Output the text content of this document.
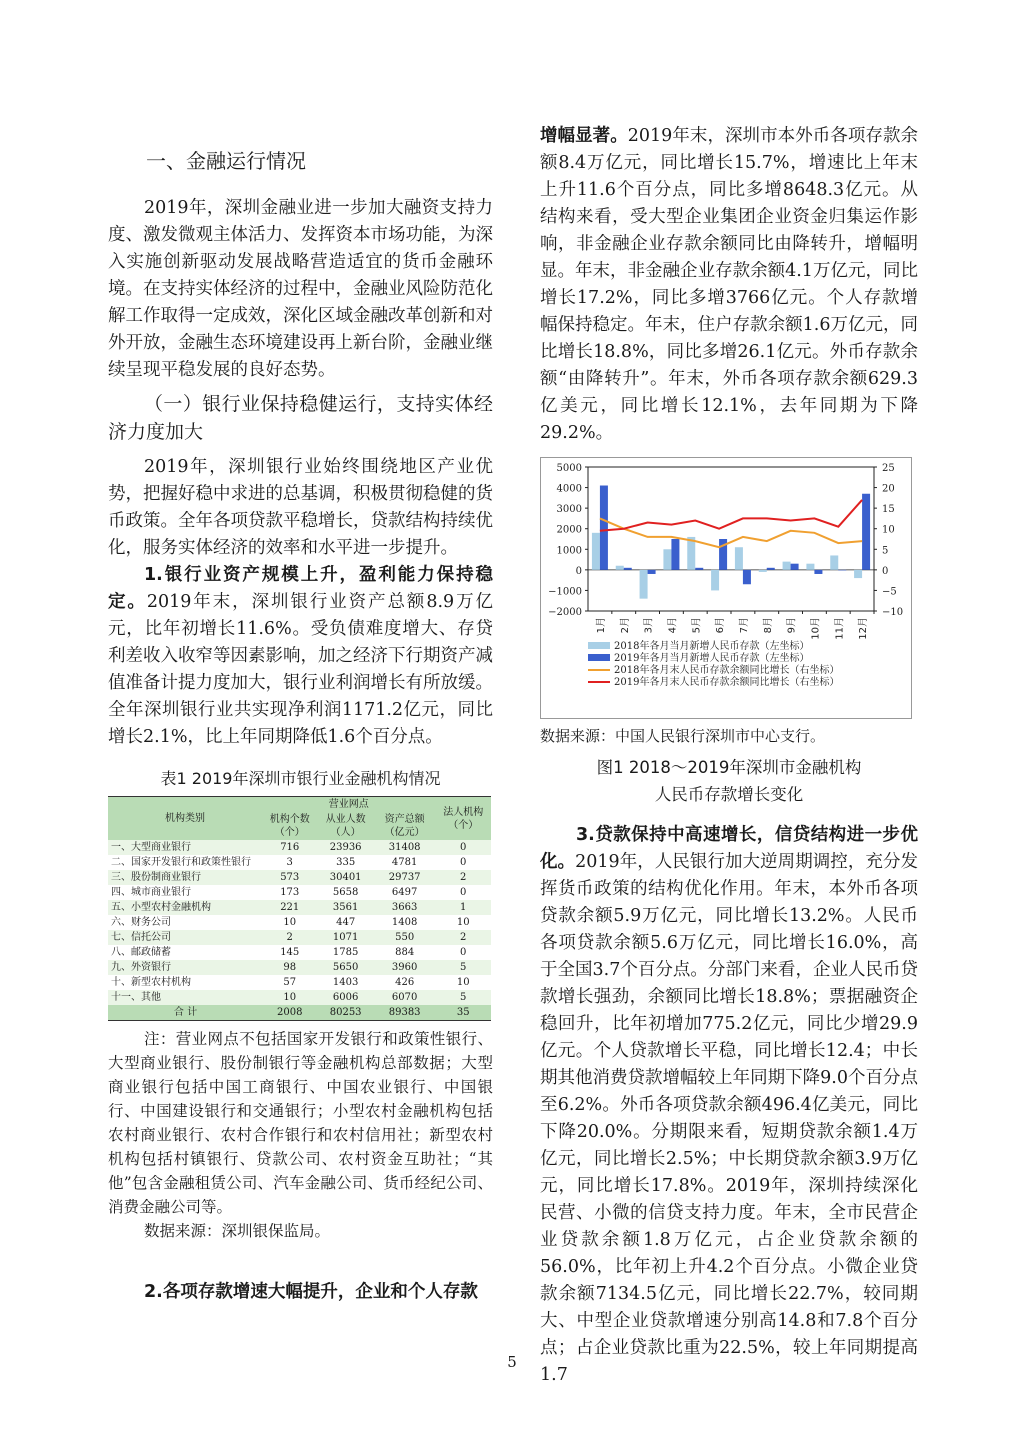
一、金融运行情况

2019年，深圳金融业进一步加大融资支持力度、激发微观主体活力、发挥资本市场功能，为深入实施创新驱动发展战略营造适宜的货币金融环境。在支持实体经济的过程中，金融业风险防范化解工作取得一定成效，深化区域金融改革创新和对外开放，金融生态环境建设再上新台阶，金融业继续呈现平稳发展的良好态势。

（一）银行业保持稳健运行，支持实体经济力度加大

2019年，深圳银行业始终围绕地区产业优势，把握好稳中求进的总基调，积极贯彻稳健的货币政策。全年各项贷款平稳增长，贷款结构持续优化，服务实体经济的效率和水平进一步提升。

1.银行业资产规模上升，盈利能力保持稳定。2019年末，深圳银行业资产总额8.9万亿元，比年初增长11.6%。受负债难度增大、存贷利差收入收窄等因素影响，加之经济下行期资产减值准备计提力度加大，银行业利润增长有所放缓。全年深圳银行业共实现净利润1171.2亿元，同比增长2.1%，比上年同期降低1.6个百分点。

表1 2019年深圳市银行业金融机构情况
机构类别	营业网点			法人机构（个）
	机构个数（个）	从业人数（人）	资产总额（亿元）	
一、大型商业银行	716	23936	31408	0
二、国家开发银行和政策性银行	3	335	4781	0
三、股份制商业银行	573	30401	29737	2
四、城市商业银行	173	5658	6497	0
五、小型农村金融机构	221	3561	3663	1
六、财务公司	10	447	1408	10
七、信托公司	2	1071	550	2
八、邮政储蓄	145	1785	884	0
九、外资银行	98	5650	3960	5
十、新型农村机构	57	1403	426	10
十一、其他	10	6006	6070	5
合 计	2008	80253	89383	35
注：营业网点不包括国家开发银行和政策性银行、大型商业银行、股份制银行等金融机构总部数据；大型商业银行包括中国工商银行、中国农业银行、中国银行、中国建设银行和交通银行；小型农村金融机构包括农村商业银行、农村合作银行和农村信用社；新型农村机构包括村镇银行、贷款公司、农村资金互助社；“其他”包含金融租赁公司、汽车金融公司、货币经纪公司、消费金融公司等。
数据来源：深圳银保监局。

2.各项存款增速大幅提升，企业和个人存款

增幅显著。2019年末，深圳市本外币各项存款余额8.4万亿元，同比增长15.7%，增速比上年末上升11.6个百分点，同比多增8648.3亿元。从结构来看，受大型企业集团企业资金归集运作影响，非金融企业存款余额同比由降转升，增幅明显。年末，非金融企业存款余额4.1万亿元，同比增长17.2%，同比多增3766亿元。个人存款增幅保持稳定。年末，住户存款余额1.6万亿元，同比增长18.8%，同比多增26.1亿元。外币存款余额“由降转升”。年末，外币各项存款余额629.3亿美元，同比增长12.1%，去年同期为下降29.2%。

5000
4000
3000
2000
1000
0
−1000
−2000
25
20
15
10
5
0
−5
−10
1月 2月 3月 4月 5月 6月 7月 8月 9月 10月 11月 12月
2018年各月当月新增人民币存款（左坐标）
2019年各月当月新增人民币存款（左坐标）
2018年各月末人民币存款余额同比增长（右坐标）
2019年各月末人民币存款余额同比增长（右坐标）
数据来源：中国人民银行深圳市中心支行。
图1 2018～2019年深圳市金融机构
人民币存款增长变化

3.贷款保持中高速增长，信贷结构进一步优化。2019年，人民银行加大逆周期调控，充分发挥货币政策的结构优化作用。年末，本外币各项贷款余额5.9万亿元，同比增长13.2%。人民币各项贷款余额5.6万亿元，同比增长16.0%，高于全国3.7个百分点。分部门来看，企业人民币贷款增长强劲，余额同比增长18.8%；票据融资企稳回升，比年初增加775.2亿元，同比少增29.9亿元。个人贷款增长平稳，同比增长12.4；中长期其他消费贷款增幅较上年同期下降9.0个百分点至6.2%。外币各项贷款余额496.4亿美元，同比下降20.0%。分期限来看，短期贷款余额1.4万亿元，同比增长2.5%；中长期贷款余额3.9万亿元，同比增长17.8%。2019年，深圳持续深化民营、小微的信贷支持力度。年末，全市民营企业贷款余额1.8万亿元，占企业贷款余额的56.0%，比年初上升4.2个百分点。小微企业贷款余额7134.5亿元，同比增长22.7%，较同期大、中型企业贷款增速分别高14.8和7.8个百分点；占企业贷款比重为22.5%，较上年同期提高1.7

5
